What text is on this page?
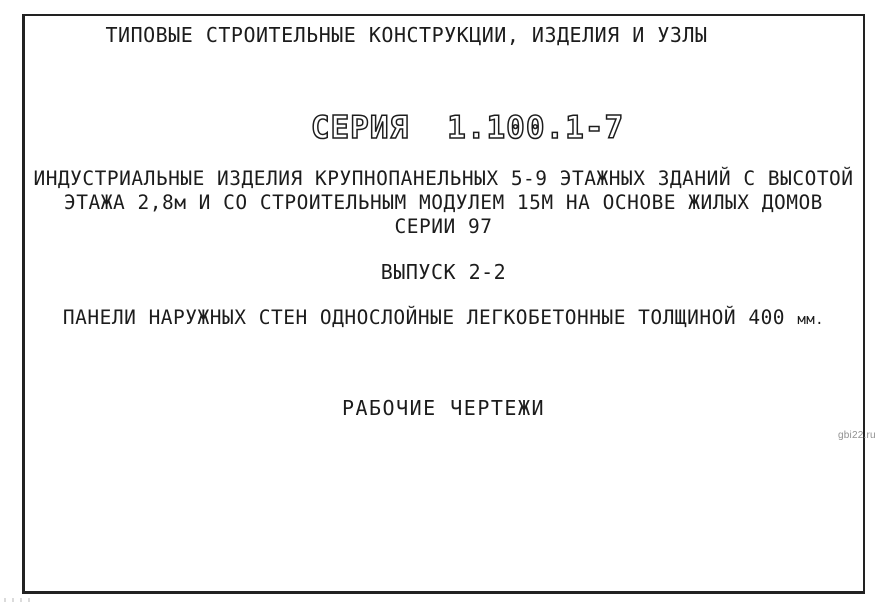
ТИПОВЫЕ СТРОИТЕЛЬНЫЕ КОНСТРУКЦИИ, ИЗДЕЛИЯ И УЗЛЫ
СЕРИЯ 1.100.1-7
ИНДУСТРИАЛЬНЫЕ ИЗДЕЛИЯ КРУПНОПАНЕЛЬНЫХ 5-9 ЭТАЖНЫХ ЗДАНИЙ С ВЫСОТОЙ
ЭТАЖА 2,8м И СО СТРОИТЕЛЬНЫМ МОДУЛЕМ 15М НА ОСНОВЕ ЖИЛЫХ ДОМОВ
СЕРИИ 97
ВЫПУСК 2-2
ПАНЕЛИ НАРУЖНЫХ СТЕН ОДНОСЛОЙНЫЕ ЛЕГКОБЕТОННЫЕ ТОЛЩИНОЙ 400 мм.
РАБОЧИЕ ЧЕРТЕЖИ
gbi22.ru
